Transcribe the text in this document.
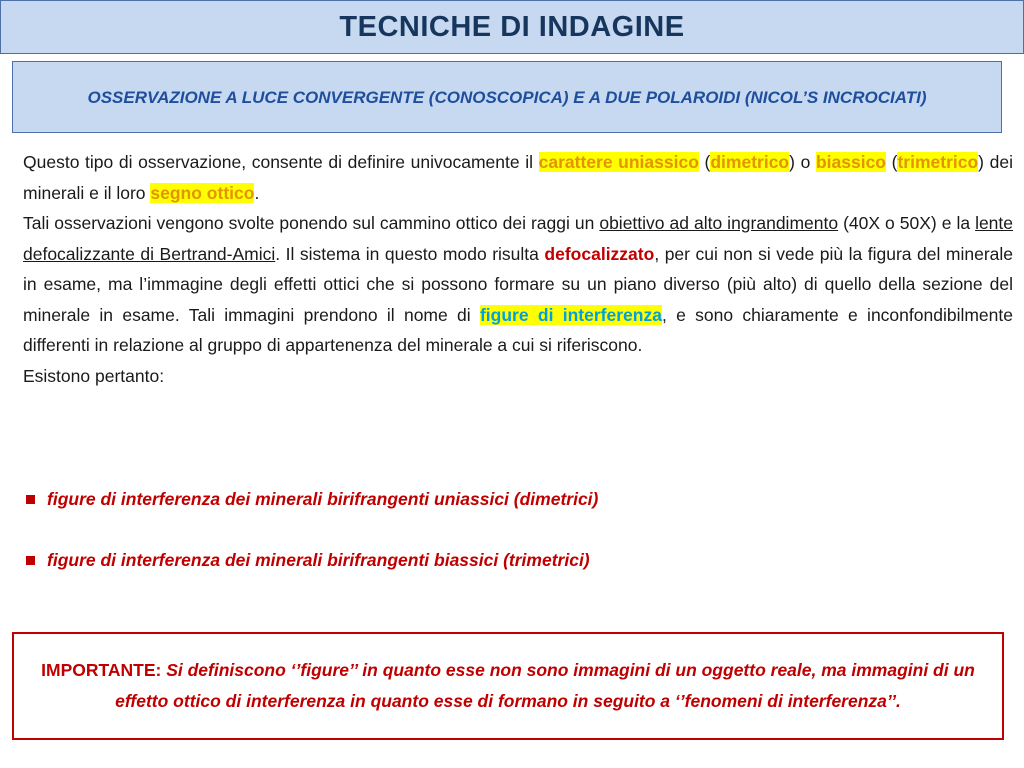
TECNICHE DI INDAGINE

OSSERVAZIONE A LUCE CONVERGENTE (CONOSCOPICA) E A DUE POLAROIDI (NICOL’S INCROCIATI)

Questo tipo di osservazione, consente di definire univocamente il carattere uniassico (dimetrico) o biassico (trimetrico) dei minerali e il loro segno ottico.

Tali osservazioni vengono svolte ponendo sul cammino ottico dei raggi un obiettivo ad alto ingrandimento (40X o 50X) e la lente defocalizzante di Bertrand-Amici. Il sistema in questo modo risulta defocalizzato, per cui non si vede più la figura del minerale in esame, ma l’immagine degli effetti ottici che si possono formare su un piano diverso (più alto) di quello della sezione del minerale in esame. Tali immagini prendono il nome di figure di interferenza, e sono chiaramente e inconfondibilmente differenti in relazione al gruppo di appartenenza del minerale a cui si riferiscono.

Esistono pertanto:

figure di interferenza dei minerali birifrangenti uniassici (dimetrici)
figure di interferenza dei minerali birifrangenti biassici (trimetrici)

IMPORTANTE: Si definiscono ‘’figure’’ in quanto esse non sono immagini di un oggetto reale, ma immagini di un effetto ottico di interferenza in quanto esse di formano in seguito a ‘’fenomeni di interferenza’’.
